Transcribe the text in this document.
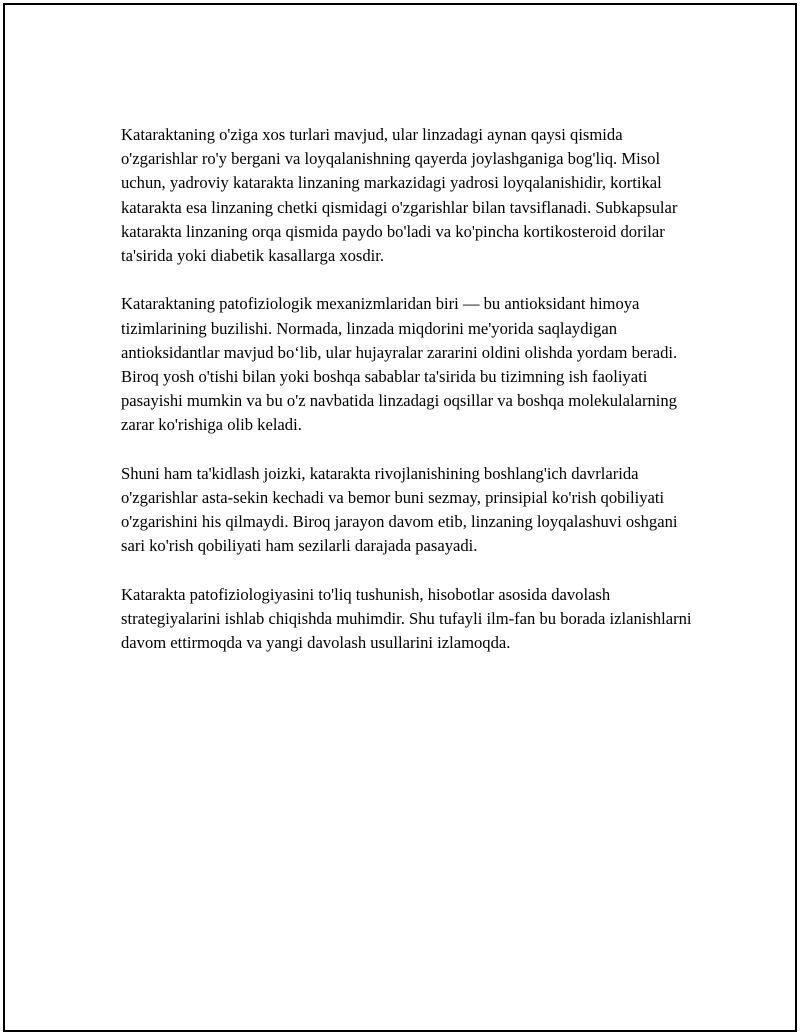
Kataraktaning o'ziga xos turlari mavjud, ular linzadagi aynan qaysi qismida o'zgarishlar ro'y bergani va loyqalanishning qayerda joylashganiga bog'liq. Misol uchun, yadroviy katarakta linzaning markazidagi yadrosi loyqalanishidir, kortikal katarakta esa linzaning chetki qismidagi o'zgarishlar bilan tavsiflanadi. Subkapsular katarakta linzaning orqa qismida paydo bo'ladi va ko'pincha kortikosteroid dorilar ta'sirida yoki diabetik kasallarga xosdir.

Kataraktaning patofiziologik mexanizmlaridan biri — bu antioksidant himoya tizimlarining buzilishi. Normada, linzada miqdorini me'yorida saqlaydigan antioksidantlar mavjud bo‘lib, ular hujayralar zararini oldini olishda yordam beradi. Biroq yosh o'tishi bilan yoki boshqa sabablar ta'sirida bu tizimning ish faoliyati pasayishi mumkin va bu o'z navbatida linzadagi oqsillar va boshqa molekulalarning zarar ko'rishiga olib keladi.

Shuni ham ta'kidlash joizki, katarakta rivojlanishining boshlang'ich davrlarida o'zgarishlar asta-sekin kechadi va bemor buni sezmay, prinsipial ko'rish qobiliyati o'zgarishini his qilmaydi. Biroq jarayon davom etib, linzaning loyqalashuvi oshgani sari ko'rish qobiliyati ham sezilarli darajada pasayadi.

Katarakta patofiziologiyasini to'liq tushunish, hisobotlar asosida davolash strategiyalarini ishlab chiqishda muhimdir. Shu tufayli ilm-fan bu borada izlanishlarni davom ettirmoqda va yangi davolash usullarini izlamoqda.
